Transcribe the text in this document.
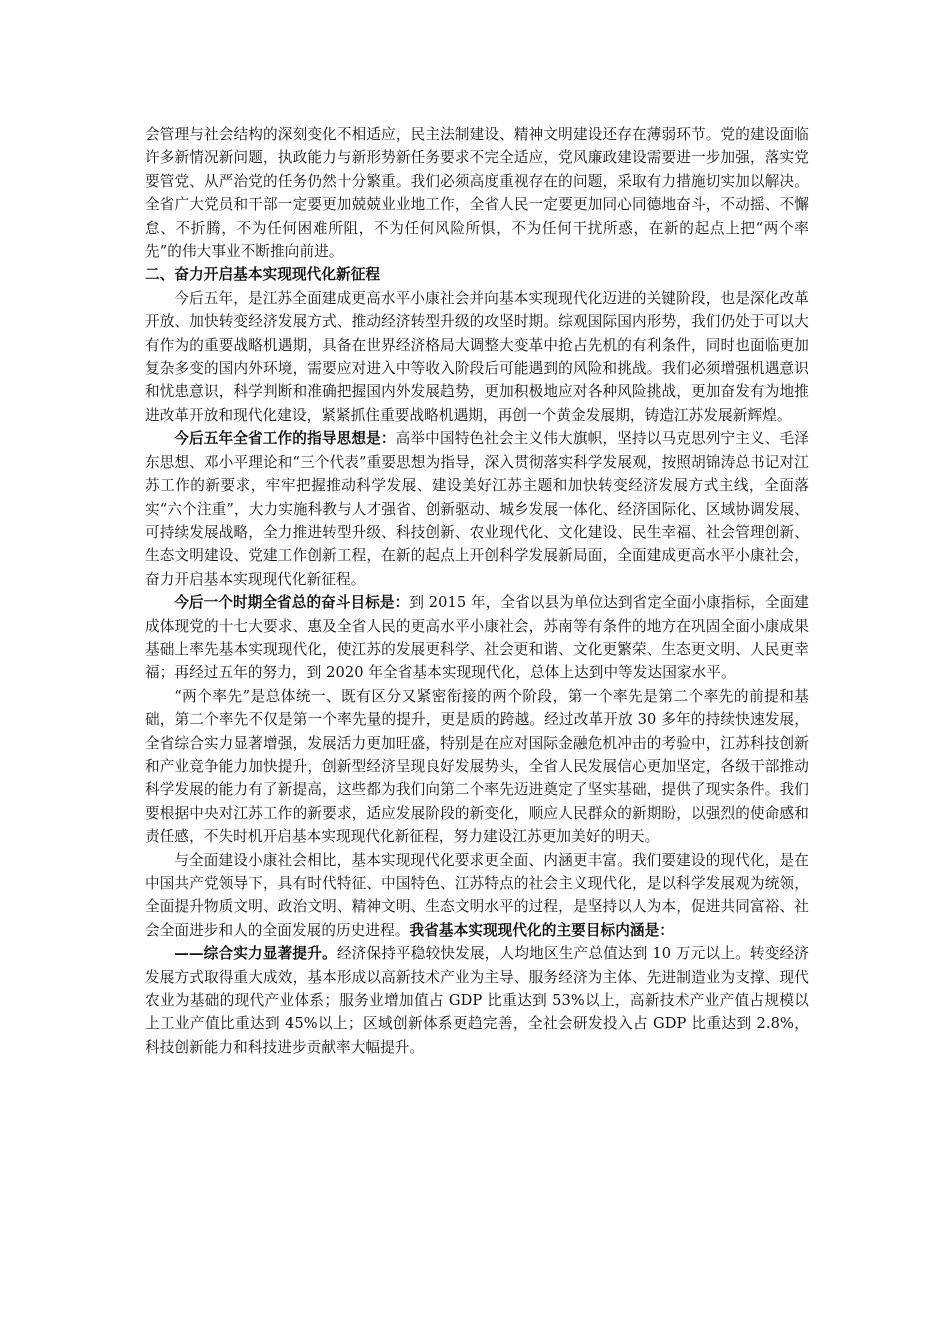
会管理与社会结构的深刻变化不相适应，民主法制建设、精神文明建设还存在薄弱环节。党的建设面临许多新情况新问题，执政能力与新形势新任务要求不完全适应，党风廉政建设需要进一步加强，落实党要管党、从严治党的任务仍然十分繁重。我们必须高度重视存在的问题，采取有力措施切实加以解决。全省广大党员和干部一定要更加兢兢业业地工作，全省人民一定要更加同心同德地奋斗，不动摇、不懈怠、不折腾，不为任何困难所阻，不为任何风险所惧，不为任何干扰所惑，在新的起点上把“两个率先”的伟大事业不断推向前进。

二、奋力开启基本实现现代化新征程

今后五年，是江苏全面建成更高水平小康社会并向基本实现现代化迈进的关键阶段，也是深化改革开放、加快转变经济发展方式、推动经济转型升级的攻坚时期。综观国际国内形势，我们仍处于可以大有作为的重要战略机遇期，具备在世界经济格局大调整大变革中抢占先机的有利条件，同时也面临更加复杂多变的国内外环境，需要应对进入中等收入阶段后可能遇到的风险和挑战。我们必须增强机遇意识和忧患意识，科学判断和准确把握国内外发展趋势，更加积极地应对各种风险挑战，更加奋发有为地推进改革开放和现代化建设，紧紧抓住重要战略机遇期，再创一个黄金发展期，铸造江苏发展新辉煌。

今后五年全省工作的指导思想是：高举中国特色社会主义伟大旗帜，坚持以马克思列宁主义、毛泽东思想、邓小平理论和“三个代表”重要思想为指导，深入贯彻落实科学发展观，按照胡锦涛总书记对江苏工作的新要求，牢牢把握推动科学发展、建设美好江苏主题和加快转变经济发展方式主线，全面落实“六个注重”，大力实施科教与人才强省、创新驱动、城乡发展一体化、经济国际化、区域协调发展、可持续发展战略，全力推进转型升级、科技创新、农业现代化、文化建设、民生幸福、社会管理创新、生态文明建设、党建工作创新工程，在新的起点上开创科学发展新局面，全面建成更高水平小康社会，奋力开启基本实现现代化新征程。

今后一个时期全省总的奋斗目标是：到 2015 年，全省以县为单位达到省定全面小康指标，全面建成体现党的十七大要求、惠及全省人民的更高水平小康社会，苏南等有条件的地方在巩固全面小康成果基础上率先基本实现现代化，使江苏的发展更科学、社会更和谐、文化更繁荣、生态更文明、人民更幸福；再经过五年的努力，到 2020 年全省基本实现现代化，总体上达到中等发达国家水平。

“两个率先”是总体统一、既有区分又紧密衔接的两个阶段，第一个率先是第二个率先的前提和基础，第二个率先不仅是第一个率先量的提升，更是质的跨越。经过改革开放 30 多年的持续快速发展，全省综合实力显著增强，发展活力更加旺盛，特别是在应对国际金融危机冲击的考验中，江苏科技创新和产业竞争能力加快提升，创新型经济呈现良好发展势头，全省人民发展信心更加坚定，各级干部推动科学发展的能力有了新提高，这些都为我们向第二个率先迈进奠定了坚实基础，提供了现实条件。我们要根据中央对江苏工作的新要求，适应发展阶段的新变化，顺应人民群众的新期盼，以强烈的使命感和责任感，不失时机开启基本实现现代化新征程，努力建设江苏更加美好的明天。

与全面建设小康社会相比，基本实现现代化要求更全面、内涵更丰富。我们要建设的现代化，是在中国共产党领导下，具有时代特征、中国特色、江苏特点的社会主义现代化，是以科学发展观为统领，全面提升物质文明、政治文明、精神文明、生态文明水平的过程，是坚持以人为本，促进共同富裕、社会全面进步和人的全面发展的历史进程。我省基本实现现代化的主要目标内涵是：

——综合实力显著提升。经济保持平稳较快发展，人均地区生产总值达到 10 万元以上。转变经济发展方式取得重大成效，基本形成以高新技术产业为主导、服务经济为主体、先进制造业为支撑、现代农业为基础的现代产业体系；服务业增加值占 GDP 比重达到 53%以上，高新技术产业产值占规模以上工业产值比重达到 45%以上；区域创新体系更趋完善，全社会研发投入占 GDP 比重达到 2.8%，科技创新能力和科技进步贡献率大幅提升。
